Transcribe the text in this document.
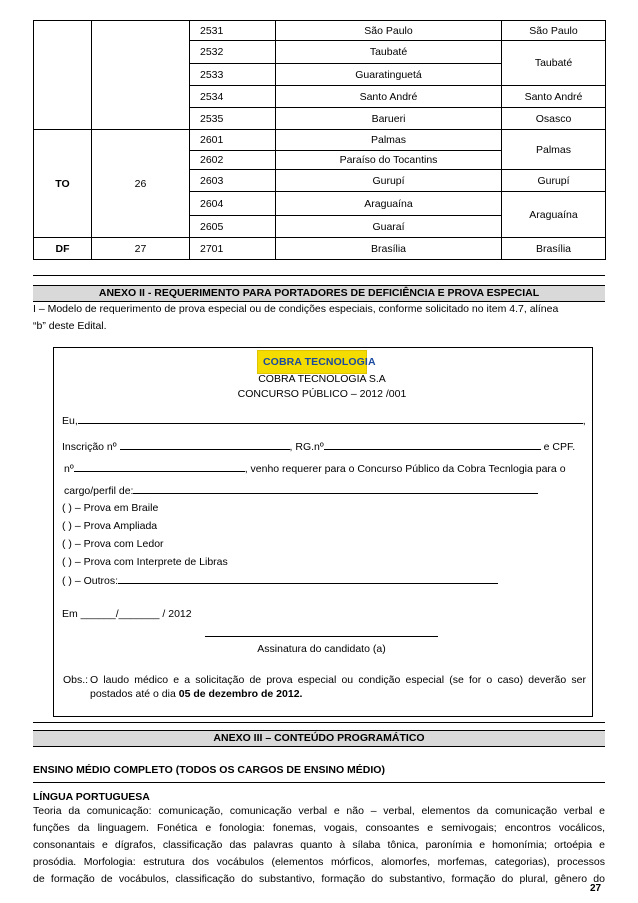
		2531	São Paulo	São Paulo
		2532	Taubaté	Taubaté
		2533	Guaratinguetá	
		2534	Santo André	Santo André
		2535	Barueri	Osasco
TO	26	2601	Palmas	Palmas
		2602	Paraíso do Tocantins	
		2603	Gurupí	Gurupí
		2604	Araguaína	Araguaína
		2605	Guaraí	
DF	27	2701	Brasília	Brasília
ANEXO II - REQUERIMENTO PARA PORTADORES DE DEFICIÊNCIA E PROVA ESPECIAL
I – Modelo de requerimento de prova especial ou de condições especiais, conforme solicitado no item 4.7, alínea
“b” deste Edital.
COBRA TECNOLOGIA
COBRA TECNOLOGIA S.A
CONCURSO PÚBLICO – 2012 /001
Eu,	,
Inscrição nº	, RG.nº	e CPF.
nº	, venho requerer para o Concurso Público da Cobra Tecnlogia para o
cargo/perfil de:
( ) – Prova em Braile
( ) – Prova Ampliada
( ) – Prova com Ledor
( ) – Prova com Interprete de Libras
( ) – Outros:
Em ______/_______ / 2012
Assinatura do candidato (a)
Obs.: O laudo médico e a solicitação de prova especial ou condição especial (se for o caso) deverão ser
postados até o dia 05 de dezembro de 2012.
ANEXO III – CONTEÚDO PROGRAMÁTICO
ENSINO MÉDIO COMPLETO (TODOS OS CARGOS DE ENSINO MÉDIO)
LÍNGUA PORTUGUESA
Teoria da comunicação: comunicação, comunicação verbal e não – verbal, elementos da comunicação verbal e
funções da linguagem. Fonética e fonologia: fonemas, vogais, consoantes e semivogais; encontros vocálicos,
consonantais e dígrafos, classificação das palavras quanto à sílaba tônica, paronímia e homonímia; ortoépia e
prosódia. Morfologia: estrutura dos vocábulos (elementos mórficos, alomorfes, morfemas, categorias), processos
de formação de vocábulos, classificação do substantivo, formação do substantivo, formação do plural, gênero do
27
